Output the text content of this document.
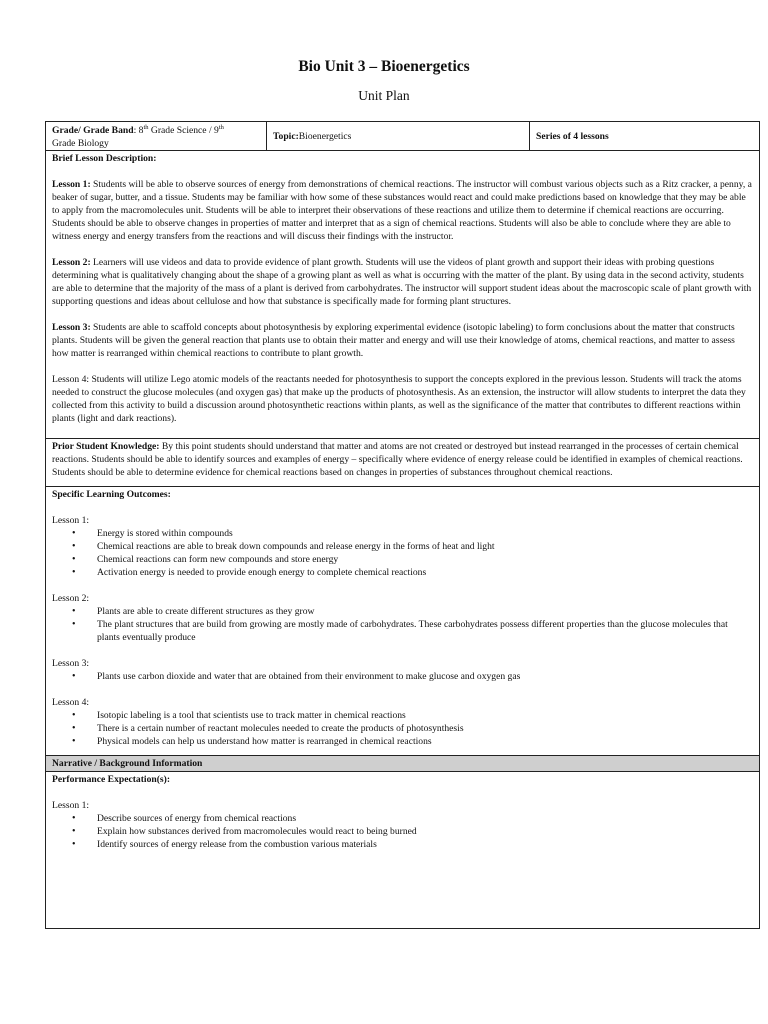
Bio Unit 3 – Bioenergetics
Unit Plan
Grade/ Grade Band: 8th Grade Science / 9th
Grade Biology
Topic: Bioenergetics	Series of 4 lessons

Brief Lesson Description:

Lesson 1: Students will be able to observe sources of energy from demonstrations of chemical reactions. The instructor will combust various objects such as a Ritz cracker, a penny, a beaker of sugar, butter, and a tissue. Students may be familiar with how some of these substances would react and could make predictions based on knowledge that they may be able to apply from the macromolecules unit. Students will be able to interpret their observations of these reactions and utilize them to determine if chemical reactions are occurring. Students should be able to observe changes in properties of matter and interpret that as a sign of chemical reactions. Students will also be able to conclude where they are able to witness energy and energy transfers from the reactions and will discuss their findings with the instructor.

Lesson 2: Learners will use videos and data to provide evidence of plant growth. Students will use the videos of plant growth and support their ideas with probing questions determining what is qualitatively changing about the shape of a growing plant as well as what is occurring with the matter of the plant. By using data in the second activity, students are able to determine that the majority of the mass of a plant is derived from carbohydrates. The instructor will support student ideas about the macroscopic scale of plant growth with supporting questions and ideas about cellulose and how that substance is specifically made for forming plant structures.

Lesson 3: Students are able to scaffold concepts about photosynthesis by exploring experimental evidence (isotopic labeling) to form conclusions about the matter that constructs plants. Students will be given the general reaction that plants use to obtain their matter and energy and will use their knowledge of atoms, chemical reactions, and matter to assess how matter is rearranged within chemical reactions to contribute to plant growth.

Lesson 4: Students will utilize Lego atomic models of the reactants needed for photosynthesis to support the concepts explored in the previous lesson. Students will track the atoms needed to construct the glucose molecules (and oxygen gas) that make up the products of photosynthesis. As an extension, the instructor will allow students to interpret the data they collected from this activity to build a discussion around photosynthetic reactions within plants, as well as the significance of the matter that contributes to different reactions within plants (light and dark reactions).

Prior Student Knowledge: By this point students should understand that matter and atoms are not created or destroyed but instead rearranged in the processes of certain chemical reactions. Students should be able to identify sources and examples of energy – specifically where evidence of energy release could be identified in examples of chemical reactions. Students should be able to determine evidence for chemical reactions based on changes in properties of substances throughout chemical reactions.

Specific Learning Outcomes:

Lesson 1:

• Energy is stored within compounds
• Chemical reactions are able to break down compounds and release energy in the forms of heat and light
• Chemical reactions can form new compounds and store energy
• Activation energy is needed to provide enough energy to complete chemical reactions

Lesson 2:

• Plants are able to create different structures as they grow
• The plant structures that are build from growing are mostly made of carbohydrates. These carbohydrates possess different properties than the glucose molecules that plants eventually produce

Lesson 3:

• Plants use carbon dioxide and water that are obtained from their environment to make glucose and oxygen gas

Lesson 4:

• Isotopic labeling is a tool that scientists use to track matter in chemical reactions
• There is a certain number of reactant molecules needed to create the products of photosynthesis
• Physical models can help us understand how matter is rearranged in chemical reactions
Narrative / Background Information

Performance Expectation(s):

Lesson 1:

• Describe sources of energy from chemical reactions
• Explain how substances derived from macromolecules would react to being burned
• Identify sources of energy release from the combustion various materials
